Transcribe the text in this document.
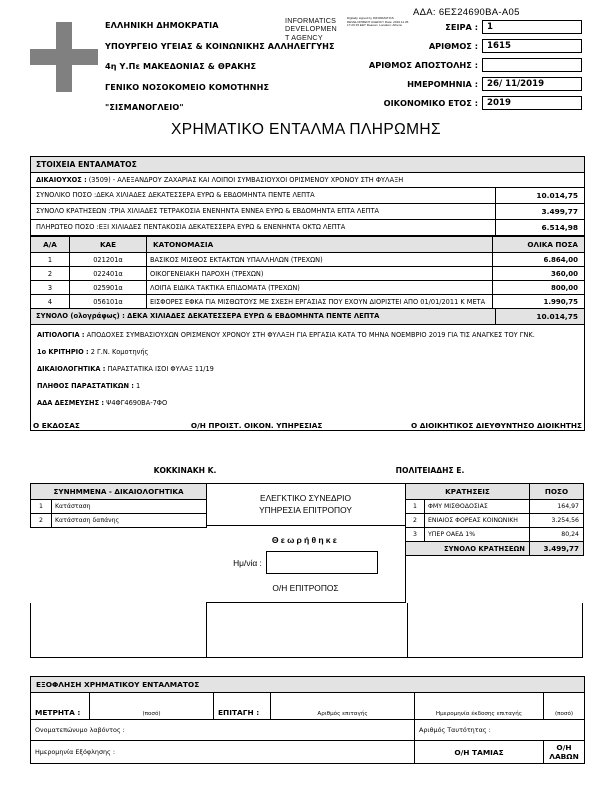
ΑΔΑ: 6ΕΣ24690ΒΑ-Α05
ΕΛΛΗΝΙΚΗ ΔΗΜΟΚΡΑΤΙΑ
ΥΠΟΥΡΓΕΙΟ ΥΓΕΙΑΣ & ΚΟΙΝΩΝΙΚΗΣ ΑΛΛΗΛΕΓΓΥΗΣ
4η Υ.Πε ΜΑΚΕΔΟΝΙΑΣ & ΘΡΑΚΗΣ
ΓΕΝΙΚΟ ΝΟΣΟΚΟΜΕΙΟ ΚΟΜΟΤΗΝΗΣ
"ΣΙΣΜΑΝΟΓΛΕΙΟ"
INFORMATICS
DEVELOPMEN
T AGENCY
Digitally signed by INFORMATICS DEVELOPMENT AGENCY Date: 2019.11.26 17:20:15 EET Reason: Location: Athens	ΣΕΙΡΑ :	1
ΑΡΙΘΜΟΣ :	1615
ΑΡΙΘΜΟΣ ΑΠΟΣΤΟΛΗΣ :
ΗΜΕΡΟΜΗΝΙΑ :	26/ 11/2019
ΟΙΚΟΝΟΜΙΚΟ ΕΤΟΣ :	2019
ΧΡΗΜΑΤΙΚΟ ΕΝΤΑΛΜΑ ΠΛΗΡΩΜΗΣ
ΣΤΟΙΧΕΙΑ ΕΝΤΑΛΜΑΤΟΣ
ΔΙΚΑΙΟΥΧΟΣ : (3509) - ΑΛΕΞΑΝΔΡΟΥ ΖΑΧΑΡΙΑΣ ΚΑΙ ΛΟΙΠΟΙ ΣΥΜΒΑΣΙΟΥΧΟΙ ΟΡΙΣΜΕΝΟΥ ΧΡΟΝΟΥ ΣΤΗ ΦΥΛΑΞΗ
ΣΥΝΟΛΙΚΟ ΠΟΣΟ : ΔΕΚΑ ΧΙΛΙΑΔΕΣ ΔΕΚΑΤΕΣΣΕΡΑ ΕΥΡΩ & ΕΒΔΟΜΗΝΤΑ ΠΕΝΤΕ ΛΕΠΤΑ	10.014,75
ΣΥΝΟΛΟ ΚΡΑΤΗΣΕΩΝ : ΤΡΙΑ ΧΙΛΙΑΔΕΣ ΤΕΤΡΑΚΟΣΙΑ ΕΝΕΝΗΝΤΑ ΕΝΝΕΑ ΕΥΡΩ & ΕΒΔΟΜΗΝΤΑ ΕΠΤΑ ΛΕΠΤΑ	3.499,77
ΠΛΗΡΩΤΕΟ ΠΟΣΟ : ΕΞΙ ΧΙΛΙΑΔΕΣ ΠΕΝΤΑΚΟΣΙΑ ΔΕΚΑΤΕΣΣΕΡΑ ΕΥΡΩ & ΕΝΕΝΗΝΤΑ ΟΚΤΩ ΛΕΠΤΑ	6.514,98
Α/Α	ΚΑΕ	ΚΑΤΟΝΟΜΑΣΙΑ	ΟΛΙΚΑ ΠΟΣΑ
1	021201α	ΒΑΣΙΚΟΣ ΜΙΣΘΟΣ ΕΚΤΑΚΤΩΝ ΥΠΑΛΛΗΛΩΝ (ΤΡΕΧΩΝ)	6.864,00
2	022401α	ΟΙΚΟΓΕΝΕΙΑΚΗ ΠΑΡΟΧΗ (ΤΡΕΧΩΝ)	360,00
3	025901α	ΛΟΙΠΑ ΕΙΔΙΚΑ ΤΑΚΤΙΚΑ ΕΠΙΔΟΜΑΤΑ (ΤΡΕΧΩΝ)	800,00
4	056101α	ΕΙΣΦΟΡΕΣ ΕΦΚΑ ΓΙΑ ΜΙΣΘΩΤΟΥΣ ΜΕ ΣΧΕΣΗ ΕΡΓΑΣΙΑΣ ΠΟΥ ΕΧΟΥΝ ΔΙΟΡΙΣΤΕΙ ΑΠΟ 01/01/2011 Κ ΜΕΤΑ	1.990,75
ΣΥΝΟΛΟ (ολογράφως) : ΔΕΚΑ ΧΙΛΙΑΔΕΣ ΔΕΚΑΤΕΣΣΕΡΑ ΕΥΡΩ & ΕΒΔΟΜΗΝΤΑ ΠΕΝΤΕ ΛΕΠΤΑ	10.014,75
ΑΙΤΙΟΛΟΓΙΑ : ΑΠΟΔΟΧΕΣ ΣΥΜΒΑΣΙΟΥΧΩΝ ΟΡΙΣΜΕΝΟΥ ΧΡΟΝΟΥ ΣΤΗ ΦΥΛΑΞΗ ΓΙΑ ΕΡΓΑΣΙΑ ΚΑΤΑ ΤΟ ΜΗΝΑ ΝΟΕΜΒΡΙΟ 2019 ΓΙΑ ΤΙΣ ΑΝΑΓΚΕΣ ΤΟΥ ΓΝΚ.
1ο ΚΡΙΤΗΡΙΟ : 2 Γ.Ν. Κομοτηνής
ΔΙΚΑΙΟΛΟΓΗΤΙΚΑ : ΠΑΡΑΣΤΑΤΙΚΑ ΙΣΟΙ ΦΥΛΑΞ 11/19
ΠΛΗΘΟΣ ΠΑΡΑΣΤΑΤΙΚΩΝ : 1
ΑΔΑ ΔΕΣΜΕΥΣΗΣ : Ψ4ΦΓ4690ΒΑ-7ΦΟ
Ο ΕΚΔΟΣΑΣ	Ο/Η ΠΡΟΙΣΤ. ΟΙΚΟΝ. ΥΠΗΡΕΣΙΑΣ	Ο ΔΙΟΙΚΗΤΙΚΟΣ ΔΙΕΥΘΥΝΤΗΣ Ο ΔΙΟΙΚΗΤΗΣ
ΚΟΚΚΙΝΑΚΗ Κ.	ΠΟΛΙΤΕΙΑΔΗΣ Ε.
ΣΥΝΗΜΜΕΝΑ - ΔΙΚΑΙΟΛΟΓΗΤΙΚΑ
1	Κατάσταση
2	Κατάσταση δαπάνης
ΕΛΕΓΚΤΙΚΟ ΣΥΝΕΔΡΙΟ
ΥΠΗΡΕΣΙΑ ΕΠΙΤΡΟΠΟΥ
Θεωρήθηκε
Ημ/νία :
Ο/Η ΕΠΙΤΡΟΠΟΣ
ΚΡΑΤΗΣΕΙΣ		ΠΟΣΟ
1	ΦΜΥ ΜΙΣΘΟΔΟΣΙΑΣ	164,97
2	ΕΝΙΑΙΟΣ ΦΟΡΕΑΣ ΚΟΙΝΩΝΙΚΗ	3.254,56
3	ΥΠΕΡ ΟΑΕΔ 1%	80,24
ΣΥΝΟΛΟ ΚΡΑΤΗΣΕΩΝ		3.499,77
ΕΞΟΦΛΗΣΗ ΧΡΗΜΑΤΙΚΟΥ ΕΝΤΑΛΜΑΤΟΣ
ΜΕΤΡΗΤΑ :	(ποσό)	ΕΠΙΤΑΓΗ :	Αριθμός επιταγής	Ημερομηνία έκδοσης επιταγής	(ποσό)

Ονοματεπώνυμο λαβόντος :				Αριθμός Ταυτότητας :	
Ημερομηνία Εξόφλησης :				Ο/Η ΤΑΜΙΑΣ	Ο/Η ΛΑΒΩΝ
